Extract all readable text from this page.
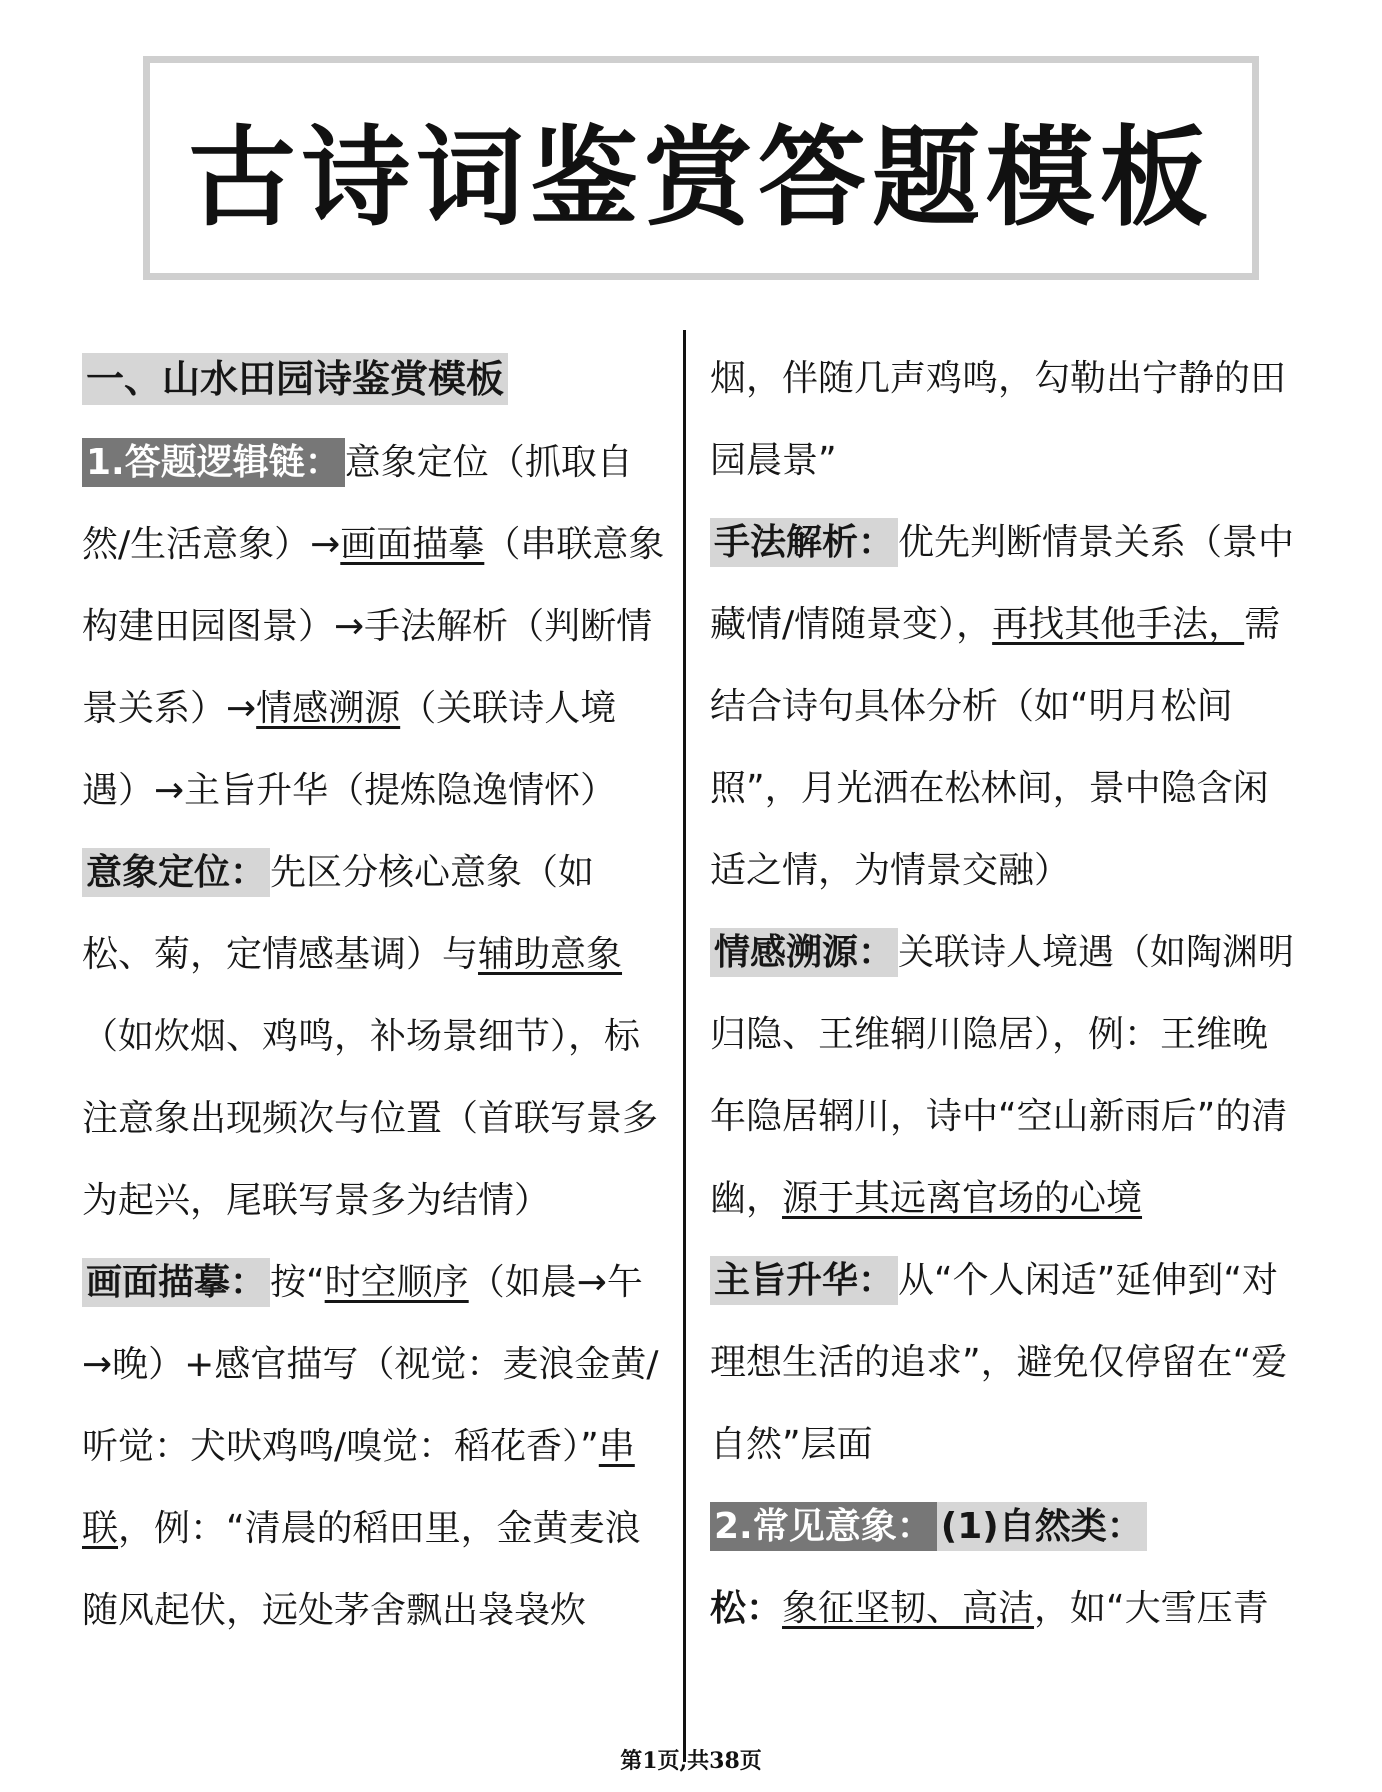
古诗词鉴赏答题模板

一、山水田园诗鉴赏模板

1.答题逻辑链： 意象定位（抓取自然/生活意象）→画面描摹（串联意象构建田园图景）→手法解析（判断情景关系）→情感溯源（关联诗人境遇）→主旨升华（提炼隐逸情怀）

意象定位： 先区分核心意象（如松、菊，定情感基调）与辅助意象（如炊烟、鸡鸣，补场景细节），标注意象出现频次与位置（首联写景多为起兴，尾联写景多为结情）

画面描摹： 按“时空顺序（如晨→午→晚）+感官描写（视觉：麦浪金黄/听觉：犬吠鸡鸣/嗅觉：稻花香）”串联，例：“清晨的稻田里，金黄麦浪随风起伏，远处茅舍飘出袅袅炊

烟，伴随几声鸡鸣，勾勒出宁静的田园晨景”

手法解析： 优先判断情景关系（景中藏情/情随景变），再找其他手法，需结合诗句具体分析（如“明月松间照”，月光洒在松林间，景中隐含闲适之情，为情景交融）

情感溯源： 关联诗人境遇（如陶渊明归隐、王维辋川隐居），例：王维晚年隐居辋川，诗中“空山新雨后”的清幽，源于其远离官场的心境

主旨升华： 从“个人闲适”延伸到“对理想生活的追求”，避免仅停留在“爱自然”层面

2.常见意象： (1)自然类：

松：象征坚韧、高洁，如“大雪压青

第1页,共38页
